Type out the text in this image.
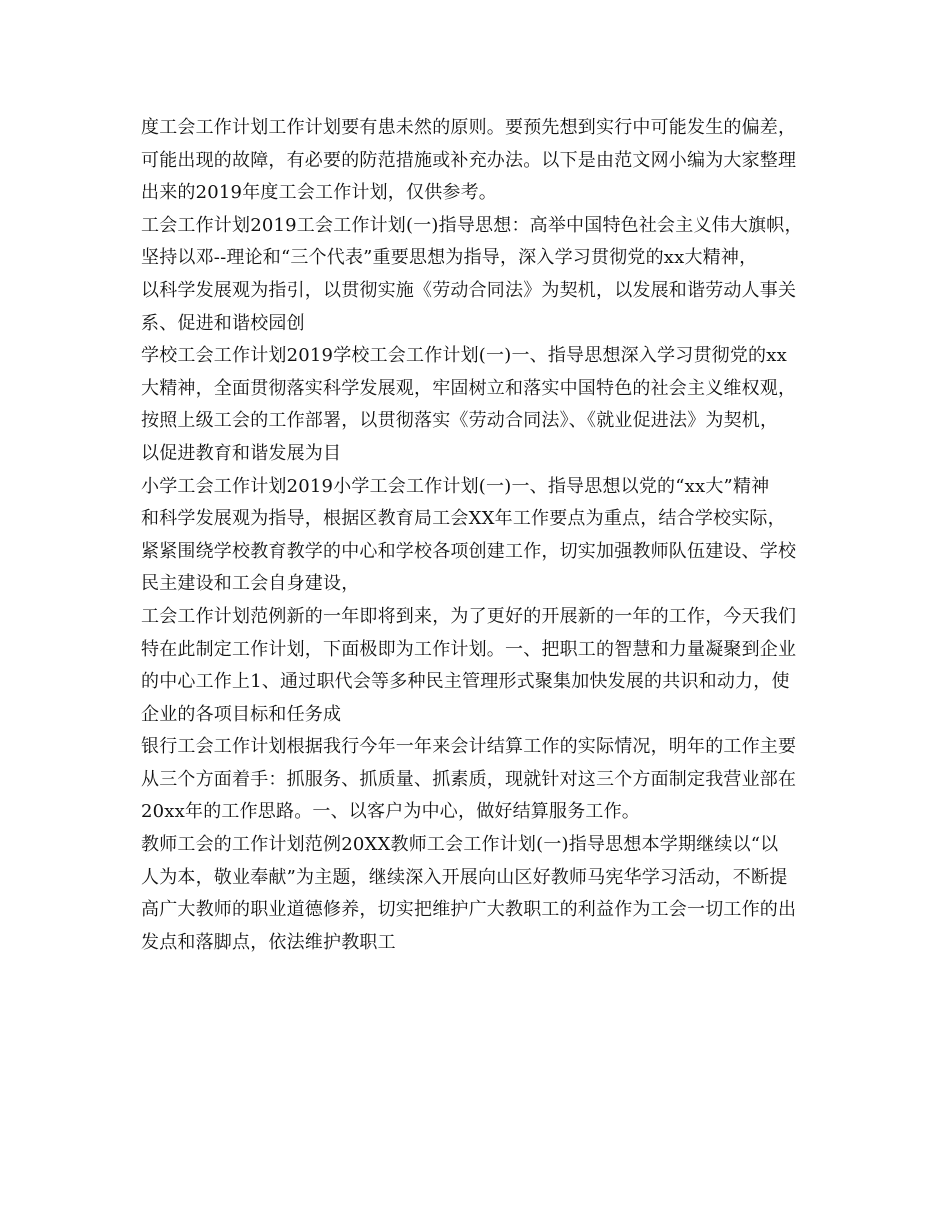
度工会工作计划工作计划要有患未然的原则。要预先想到实行中可能发生的偏差，
可能出现的故障，有必要的防范措施或补充办法。以下是由范文网小编为大家整理
出来的2019年度工会工作计划，仅供参考。
工会工作计划2019工会工作计划(一)指导思想：高举中国特色社会主义伟大旗帜，
坚持以邓--理论和“三个代表”重要思想为指导，深入学习贯彻党的xx大精神，
以科学发展观为指引，以贯彻实施《劳动合同法》为契机，以发展和谐劳动人事关
系、促进和谐校园创
学校工会工作计划2019学校工会工作计划(一)一、指导思想深入学习贯彻党的xx
大精神，全面贯彻落实科学发展观，牢固树立和落实中国特色的社会主义维权观，
按照上级工会的工作部署，以贯彻落实《劳动合同法》、《就业促进法》为契机，
以促进教育和谐发展为目
小学工会工作计划2019小学工会工作计划(一)一、指导思想以党的“xx大”精神
和科学发展观为指导，根据区教育局工会XX年工作要点为重点，结合学校实际，
紧紧围绕学校教育教学的中心和学校各项创建工作，切实加强教师队伍建设、学校
民主建设和工会自身建设，
工会工作计划范例新的一年即将到来，为了更好的开展新的一年的工作，今天我们
特在此制定工作计划，下面极即为工作计划。一、把职工的智慧和力量凝聚到企业
的中心工作上1、通过职代会等多种民主管理形式聚集加快发展的共识和动力，使
企业的各项目标和任务成
银行工会工作计划根据我行今年一年来会计结算工作的实际情况，明年的工作主要
从三个方面着手：抓服务、抓质量、抓素质，现就针对这三个方面制定我营业部在
20xx年的工作思路。一、以客户为中心，做好结算服务工作。
教师工会的工作计划范例20XX教师工会工作计划(一)指导思想本学期继续以“以
人为本，敬业奉献”为主题，继续深入开展向山区好教师马宪华学习活动，不断提
高广大教师的职业道德修养，切实把维护广大教职工的利益作为工会一切工作的出
发点和落脚点，依法维护教职工
